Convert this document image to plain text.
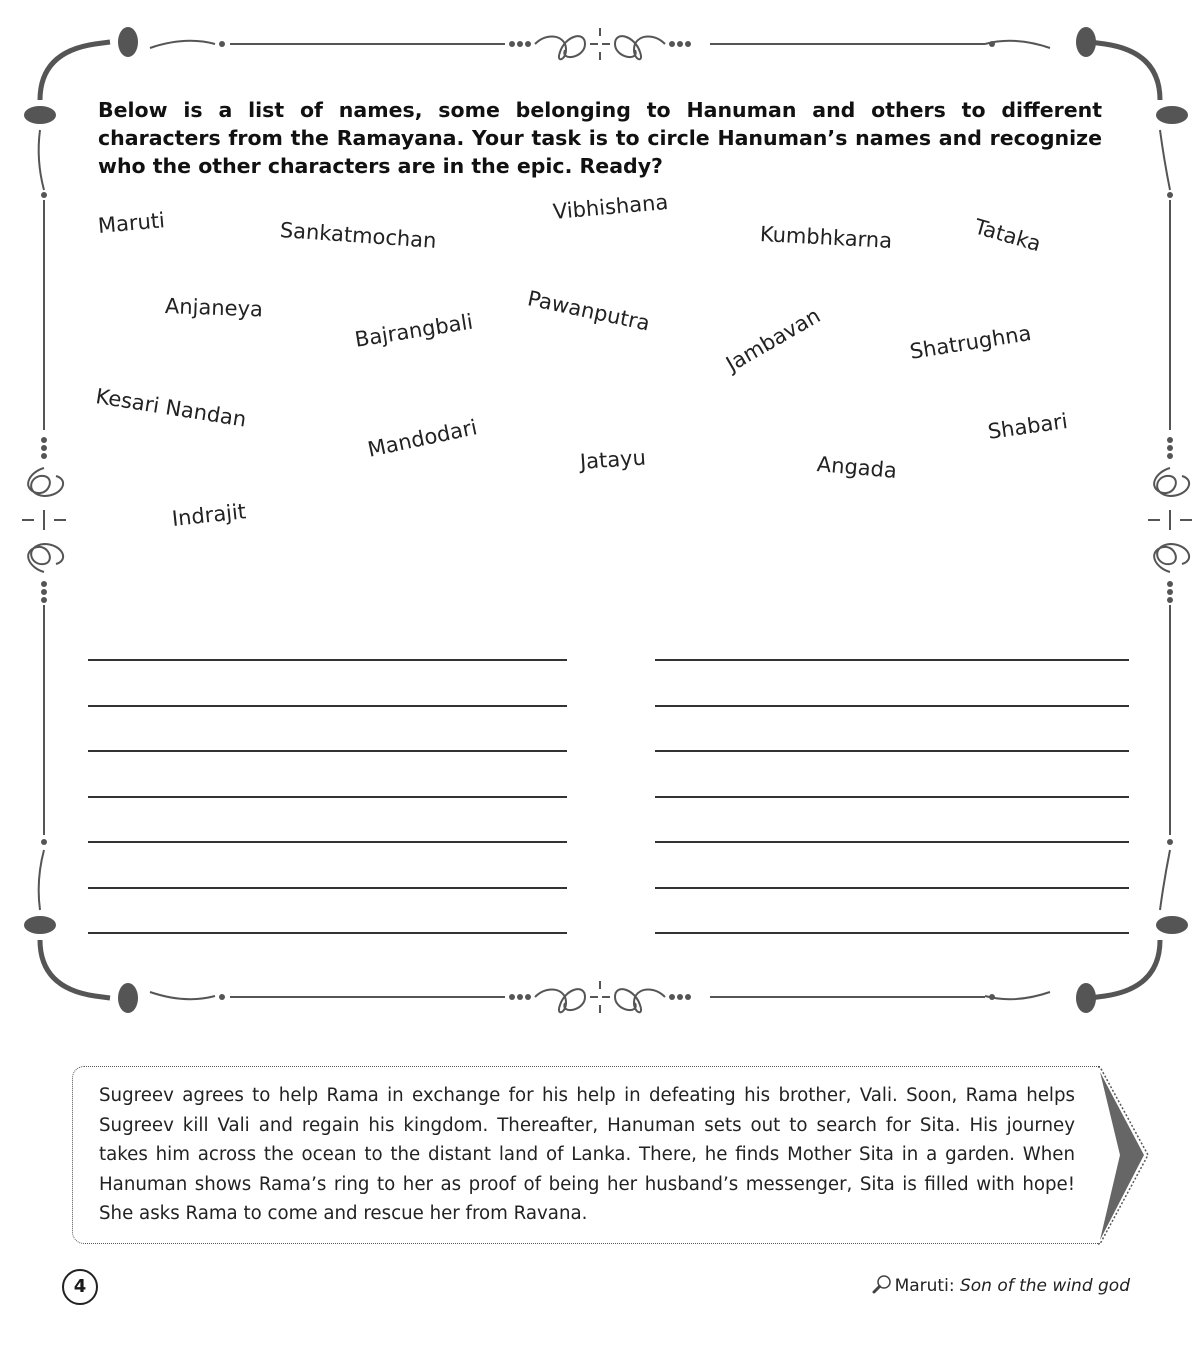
Below is a list of names, some belonging to Hanuman and others to different characters from the Ramayana. Your task is to circle Hanuman’s names and recognize who the other characters are in the epic. Ready?

Maruti	Sankatmochan
Vibhishana
Kumbhkarna	Tataka
Anjaneya
Bajrangbali Pawanputra	Jambavan	Shatrughna
Kesari Nandan
Mandodari	Jatayu	Angada
Shabari
Indrajit

Sugreev agrees to help Rama in exchange for his help in defeating his brother, Vali. Soon, Rama helps Sugreev kill Vali and regain his kingdom. Thereafter, Hanuman sets out to search for Sita. His journey takes him across the ocean to the distant land of Lanka. There, he finds Mother Sita in a garden. When Hanuman shows Rama’s ring to her as proof of being her husband’s messenger, Sita is filled with hope! She asks Rama to come and rescue her from Ravana.

4	Maruti: Son of the wind god
